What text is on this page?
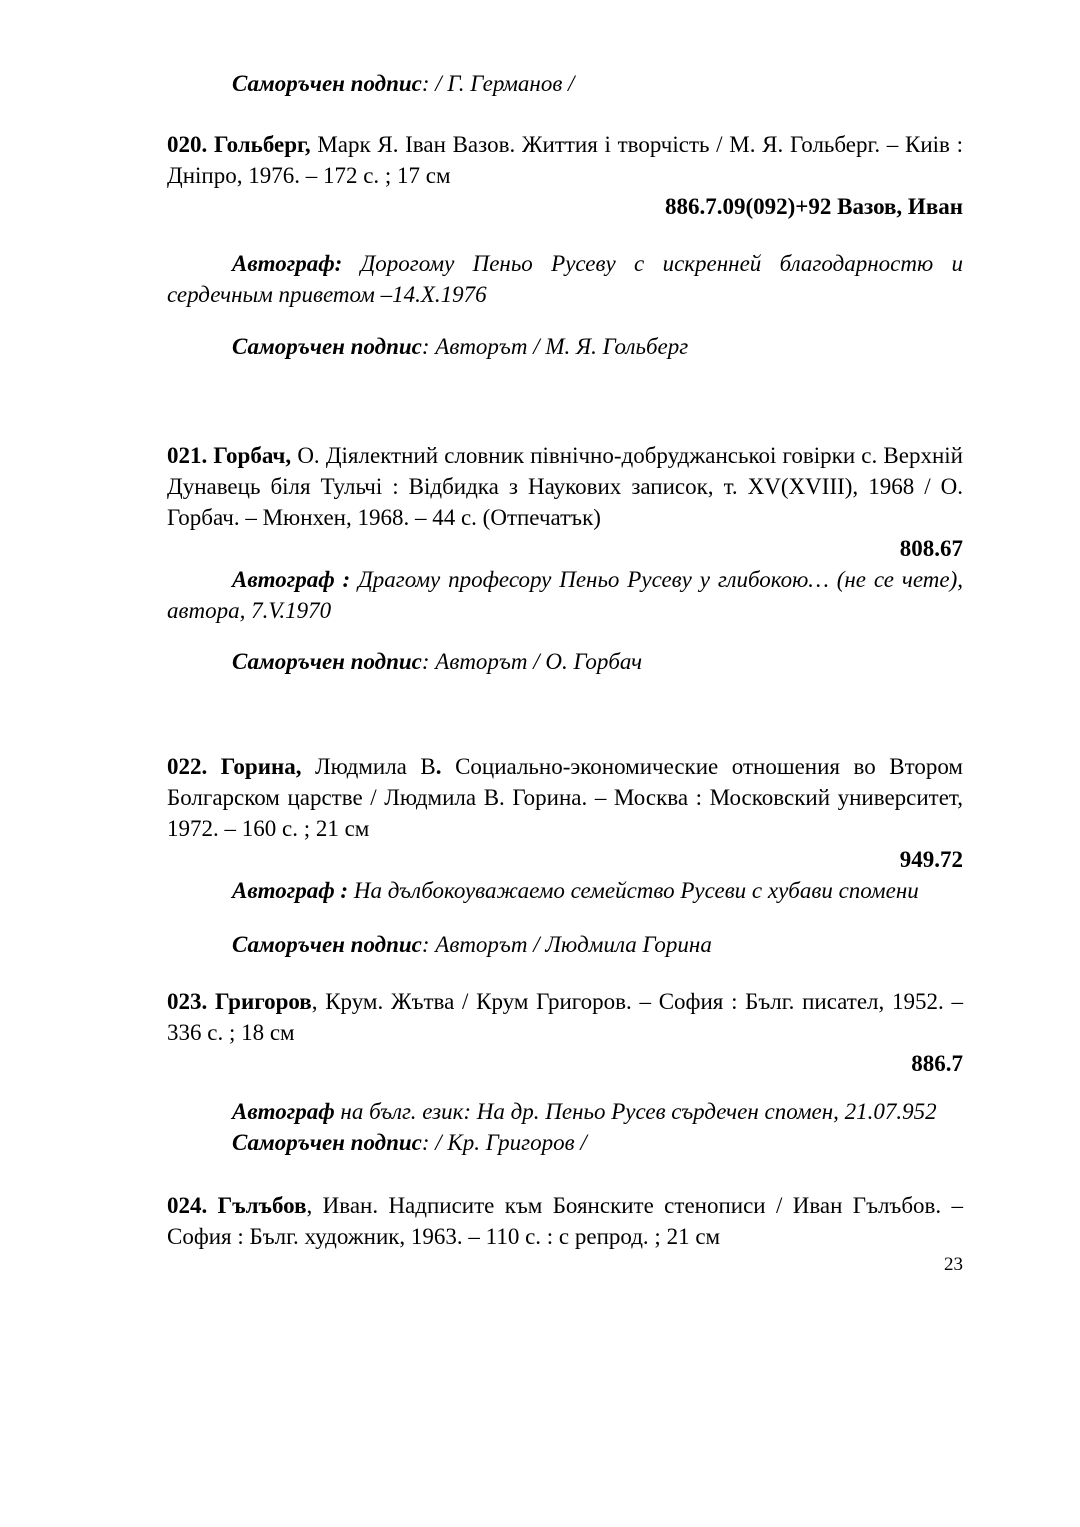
Саморъчен подпис: / Г. Германов /

020. Гольберг, Марк Я. Іван Вазов. Життия і творчість / М. Я. Гольберг. – Киів : Дніпро, 1976. – 172 с. ; 17 см

886.7.09(092)+92 Вазов, Иван

Автограф: Дорогому Пеньо Русеву с искренней благодарностю и сердечным приветом –14.X.1976

Саморъчен подпис: Авторът / М. Я. Гольберг

021. Горбач, О. Діялектний словник північно-добруджанськоі говірки с. Верхній Дунавець біля Тульчі : Відбидка з Наукових записок, т. XV(XVIII), 1968 / О. Горбач. – Мюнхен, 1968. – 44 с. (Отпечатък)

808.67

Автограф : Драгому професору Пеньо Русеву у глибокою… (не се чете), автора, 7.V.1970

Саморъчен подпис: Авторът / О. Горбач

022. Горина, Людмила В. Социально-экономические отношения во Втором Болгарском царстве / Людмила В. Горина. – Москва : Московский университет, 1972. – 160 с. ; 21 см

949.72

Автограф : На дълбокоуважаемо семейство Русеви с хубави спомени

Саморъчен подпис: Авторът / Людмила Горина

023. Григоров, Крум. Жътва / Крум Григоров. – София : Бълг. писател, 1952. – 336 с. ; 18 см

886.7

Автограф на бълг. език: На др. Пеньо Русев сърдечен спомен, 21.07.952

Саморъчен подпис: / Кр. Григоров /

024. Гълъбов, Иван. Надписите към Боянските стенописи / Иван Гълъбов. – София : Бълг. художник, 1963. – 110 с. : с репрод. ; 21 см

23
